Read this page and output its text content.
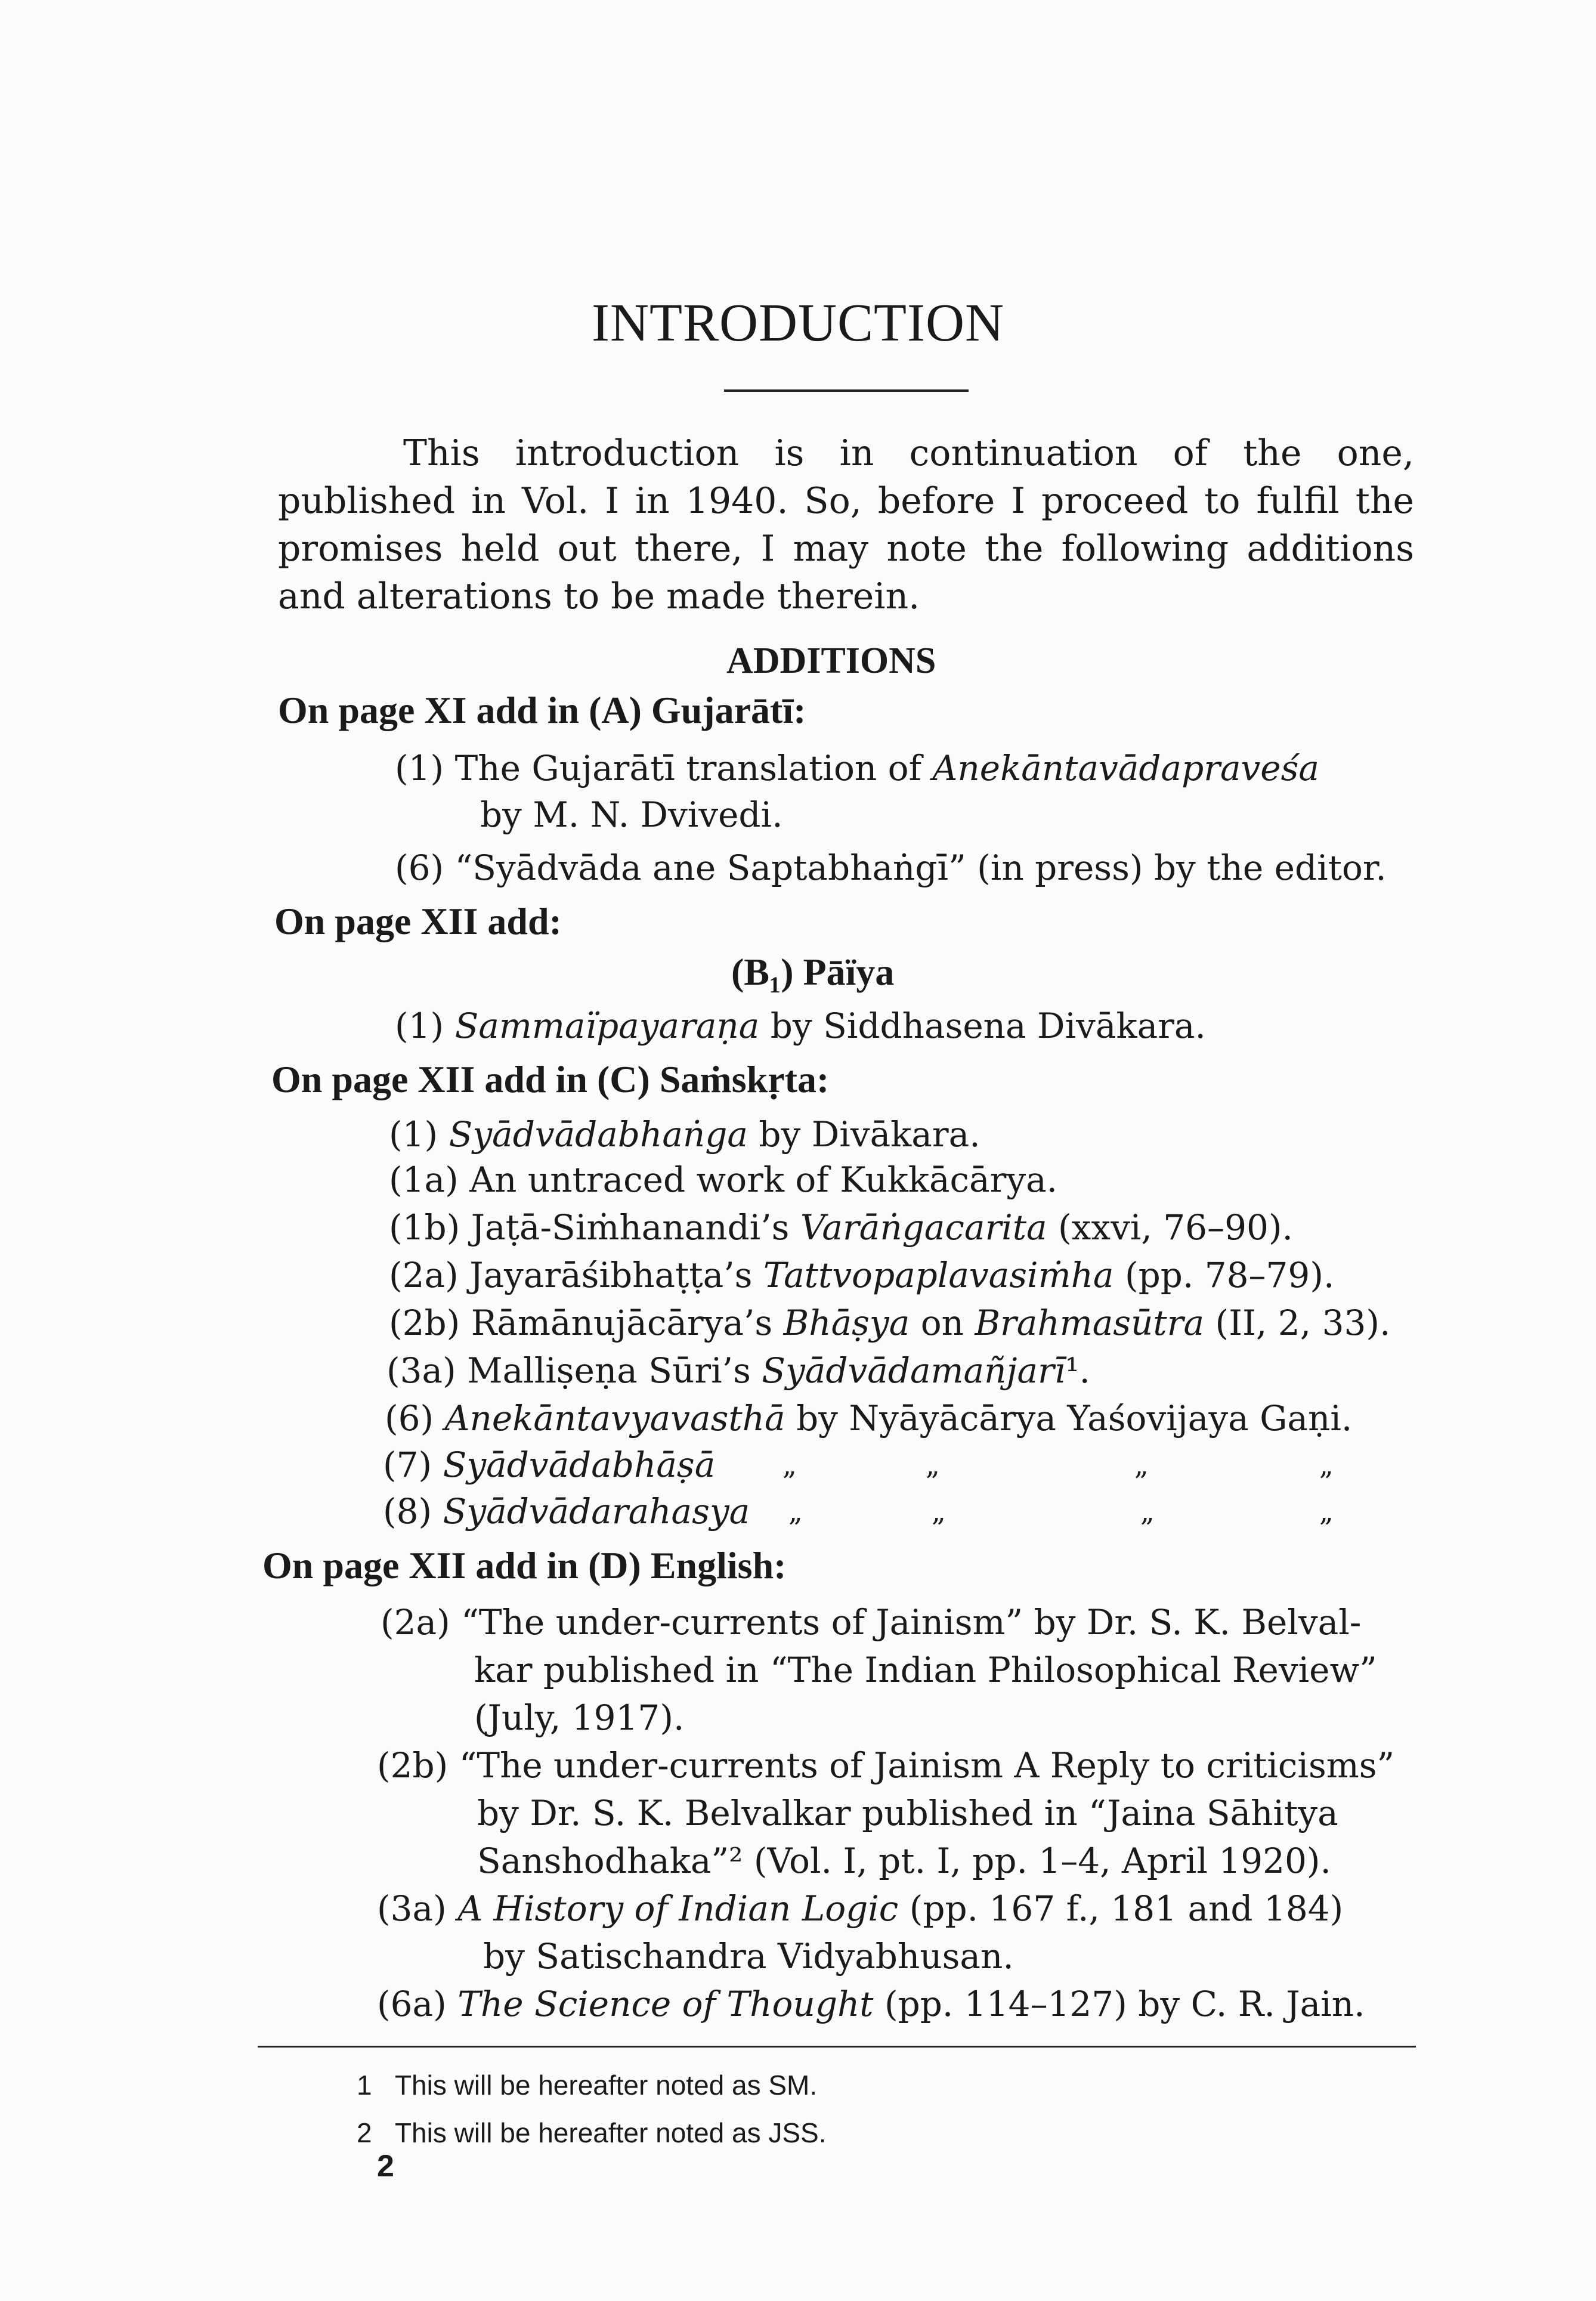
INTRODUCTION
This introduction is in continuation of the one, published in Vol. I in 1940. So, before I proceed to fulfil the promises held out there, I may note the following additions and alterations to be made therein.
ADDITIONS
On page XI add in (A) Gujarātī:
(1) The Gujarātī translation of Anekāntavādapraveśa
by M. N. Dvivedi.
(6) “Syādvāda ane Saptabhaṅgī” (in press) by the editor.
On page XII add:
(B₁) Pāïya
(1) Sammaïpayaraṇa by Siddhasena Divākara.
On page XII add in (C) Saṁskṛta:
(1) Syādvādabhaṅga by Divākara.
(1a) An untraced work of Kukkācārya.
(1b) Jaṭā-Siṁhanandi’s Varāṅgacarita (xxvi, 76–90).
(2a) Jayarāśibhaṭṭa’s Tattvopaplavasiṁha (pp. 78–79).
(2b) Rāmānujācārya’s Bhāṣya on Brahmasūtra (II, 2, 33).
(3a) Malliṣeṇa Sūri’s Syādvādamañjarī¹.
(6) Anekāntavyavasthā by Nyāyācārya Yaśovijaya Gaṇi.
(7) Syādvādabhāṣā „	„	„	„
(8) Syādvādarahasya „	„	„	„
On page XII add in (D) English:
(2a) “The under-currents of Jainism” by Dr. S. K. Belval-
kar published in “The Indian Philosophical Review”
(July, 1917).
(2b) “The under-currents of Jainism A Reply to criticisms”
by Dr. S. K. Belvalkar published in “Jaina Sāhitya
Sanshodhaka”² (Vol. I, pt. I, pp. 1–4, April 1920).
(3a) A History of Indian Logic (pp. 167 f., 181 and 184)
by Satischandra Vidyabhusan.
(6a) The Science of Thought (pp. 114–127) by C. R. Jain.
1 This will be hereafter noted as SM.
2 This will be hereafter noted as JSS.
2
